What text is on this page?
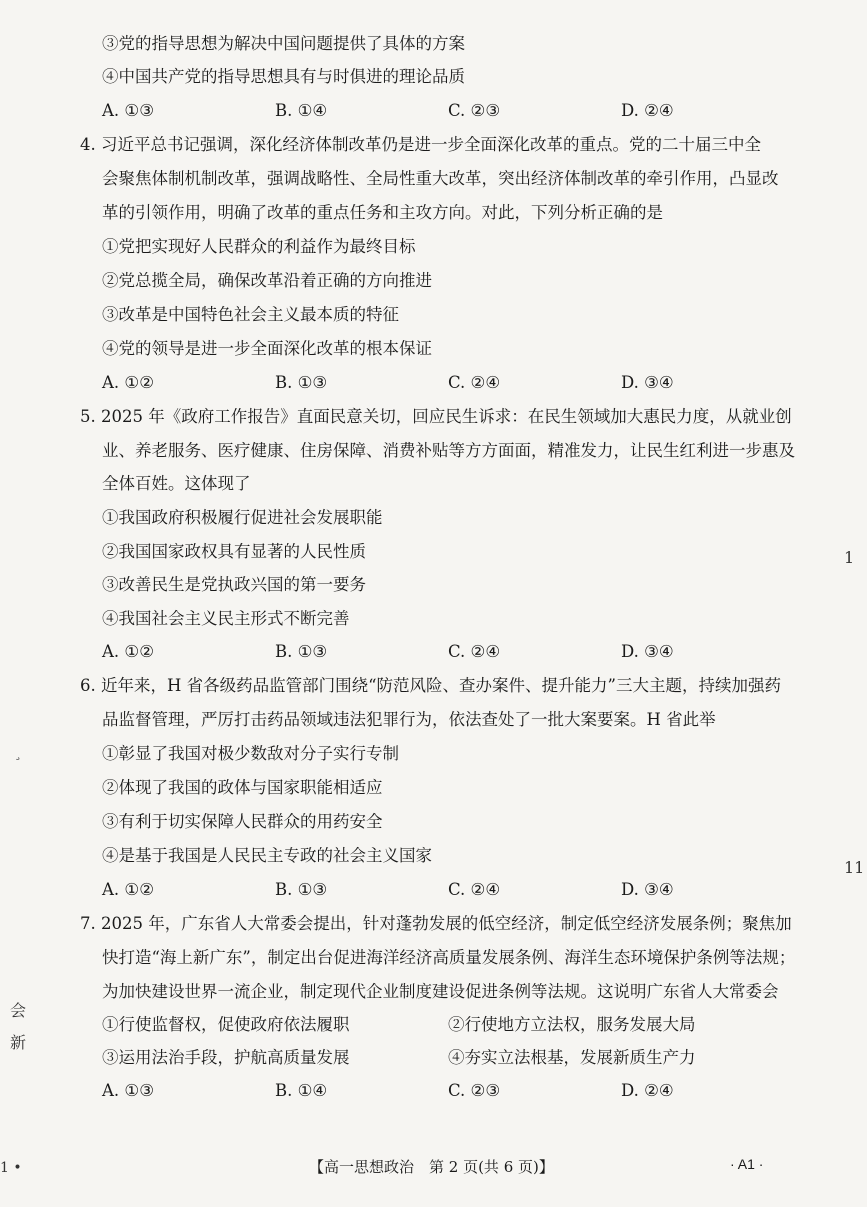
③党的指导思想为解决中国问题提供了具体的方案
④中国共产党的指导思想具有与时俱进的理论品质
A. ①③	B. ①④	C. ②③	D. ②④
4. 习近平总书记强调，深化经济体制改革仍是进一步全面深化改革的重点。党的二十届三中全
会聚焦体制机制改革，强调战略性、全局性重大改革，突出经济体制改革的牵引作用，凸显改
革的引领作用，明确了改革的重点任务和主攻方向。对此，下列分析正确的是
①党把实现好人民群众的利益作为最终目标
②党总揽全局，确保改革沿着正确的方向推进
③改革是中国特色社会主义最本质的特征
④党的领导是进一步全面深化改革的根本保证
A. ①②	B. ①③	C. ②④	D. ③④
5. 2025 年《政府工作报告》直面民意关切，回应民生诉求：在民生领域加大惠民力度，从就业创
业、养老服务、医疗健康、住房保障、消费补贴等方方面面，精准发力，让民生红利进一步惠及
全体百姓。这体现了
①我国政府积极履行促进社会发展职能
②我国国家政权具有显著的人民性质
③改善民生是党执政兴国的第一要务
④我国社会主义民主形式不断完善
A. ①②	B. ①③	C. ②④	D. ③④
6. 近年来，H 省各级药品监管部门围绕“防范风险、查办案件、提升能力”三大主题，持续加强药
品监督管理，严厉打击药品领域违法犯罪行为，依法查处了一批大案要案。H 省此举
①彰显了我国对极少数敌对分子实行专制
②体现了我国的政体与国家职能相适应
③有利于切实保障人民群众的用药安全
④是基于我国是人民民主专政的社会主义国家
A. ①②	B. ①③	C. ②④	D. ③④
7. 2025 年，广东省人大常委会提出，针对蓬勃发展的低空经济，制定低空经济发展条例；聚焦加
快打造“海上新广东”，制定出台促进海洋经济高质量发展条例、海洋生态环境保护条例等法规；
为加快建设世界一流企业，制定现代企业制度建设促进条例等法规。这说明广东省人大常委会
①行使监督权，促使政府依法履职	②行使地方立法权，服务发展大局
③运用法治手段，护航高质量发展	④夯实立法根基，发展新质生产力
A. ①③	B. ①④	C. ②③	D. ②④
1
11
会
新
¸
1 •	【高一思想政治　第 2 页(共 6 页)】	· A1 ·
